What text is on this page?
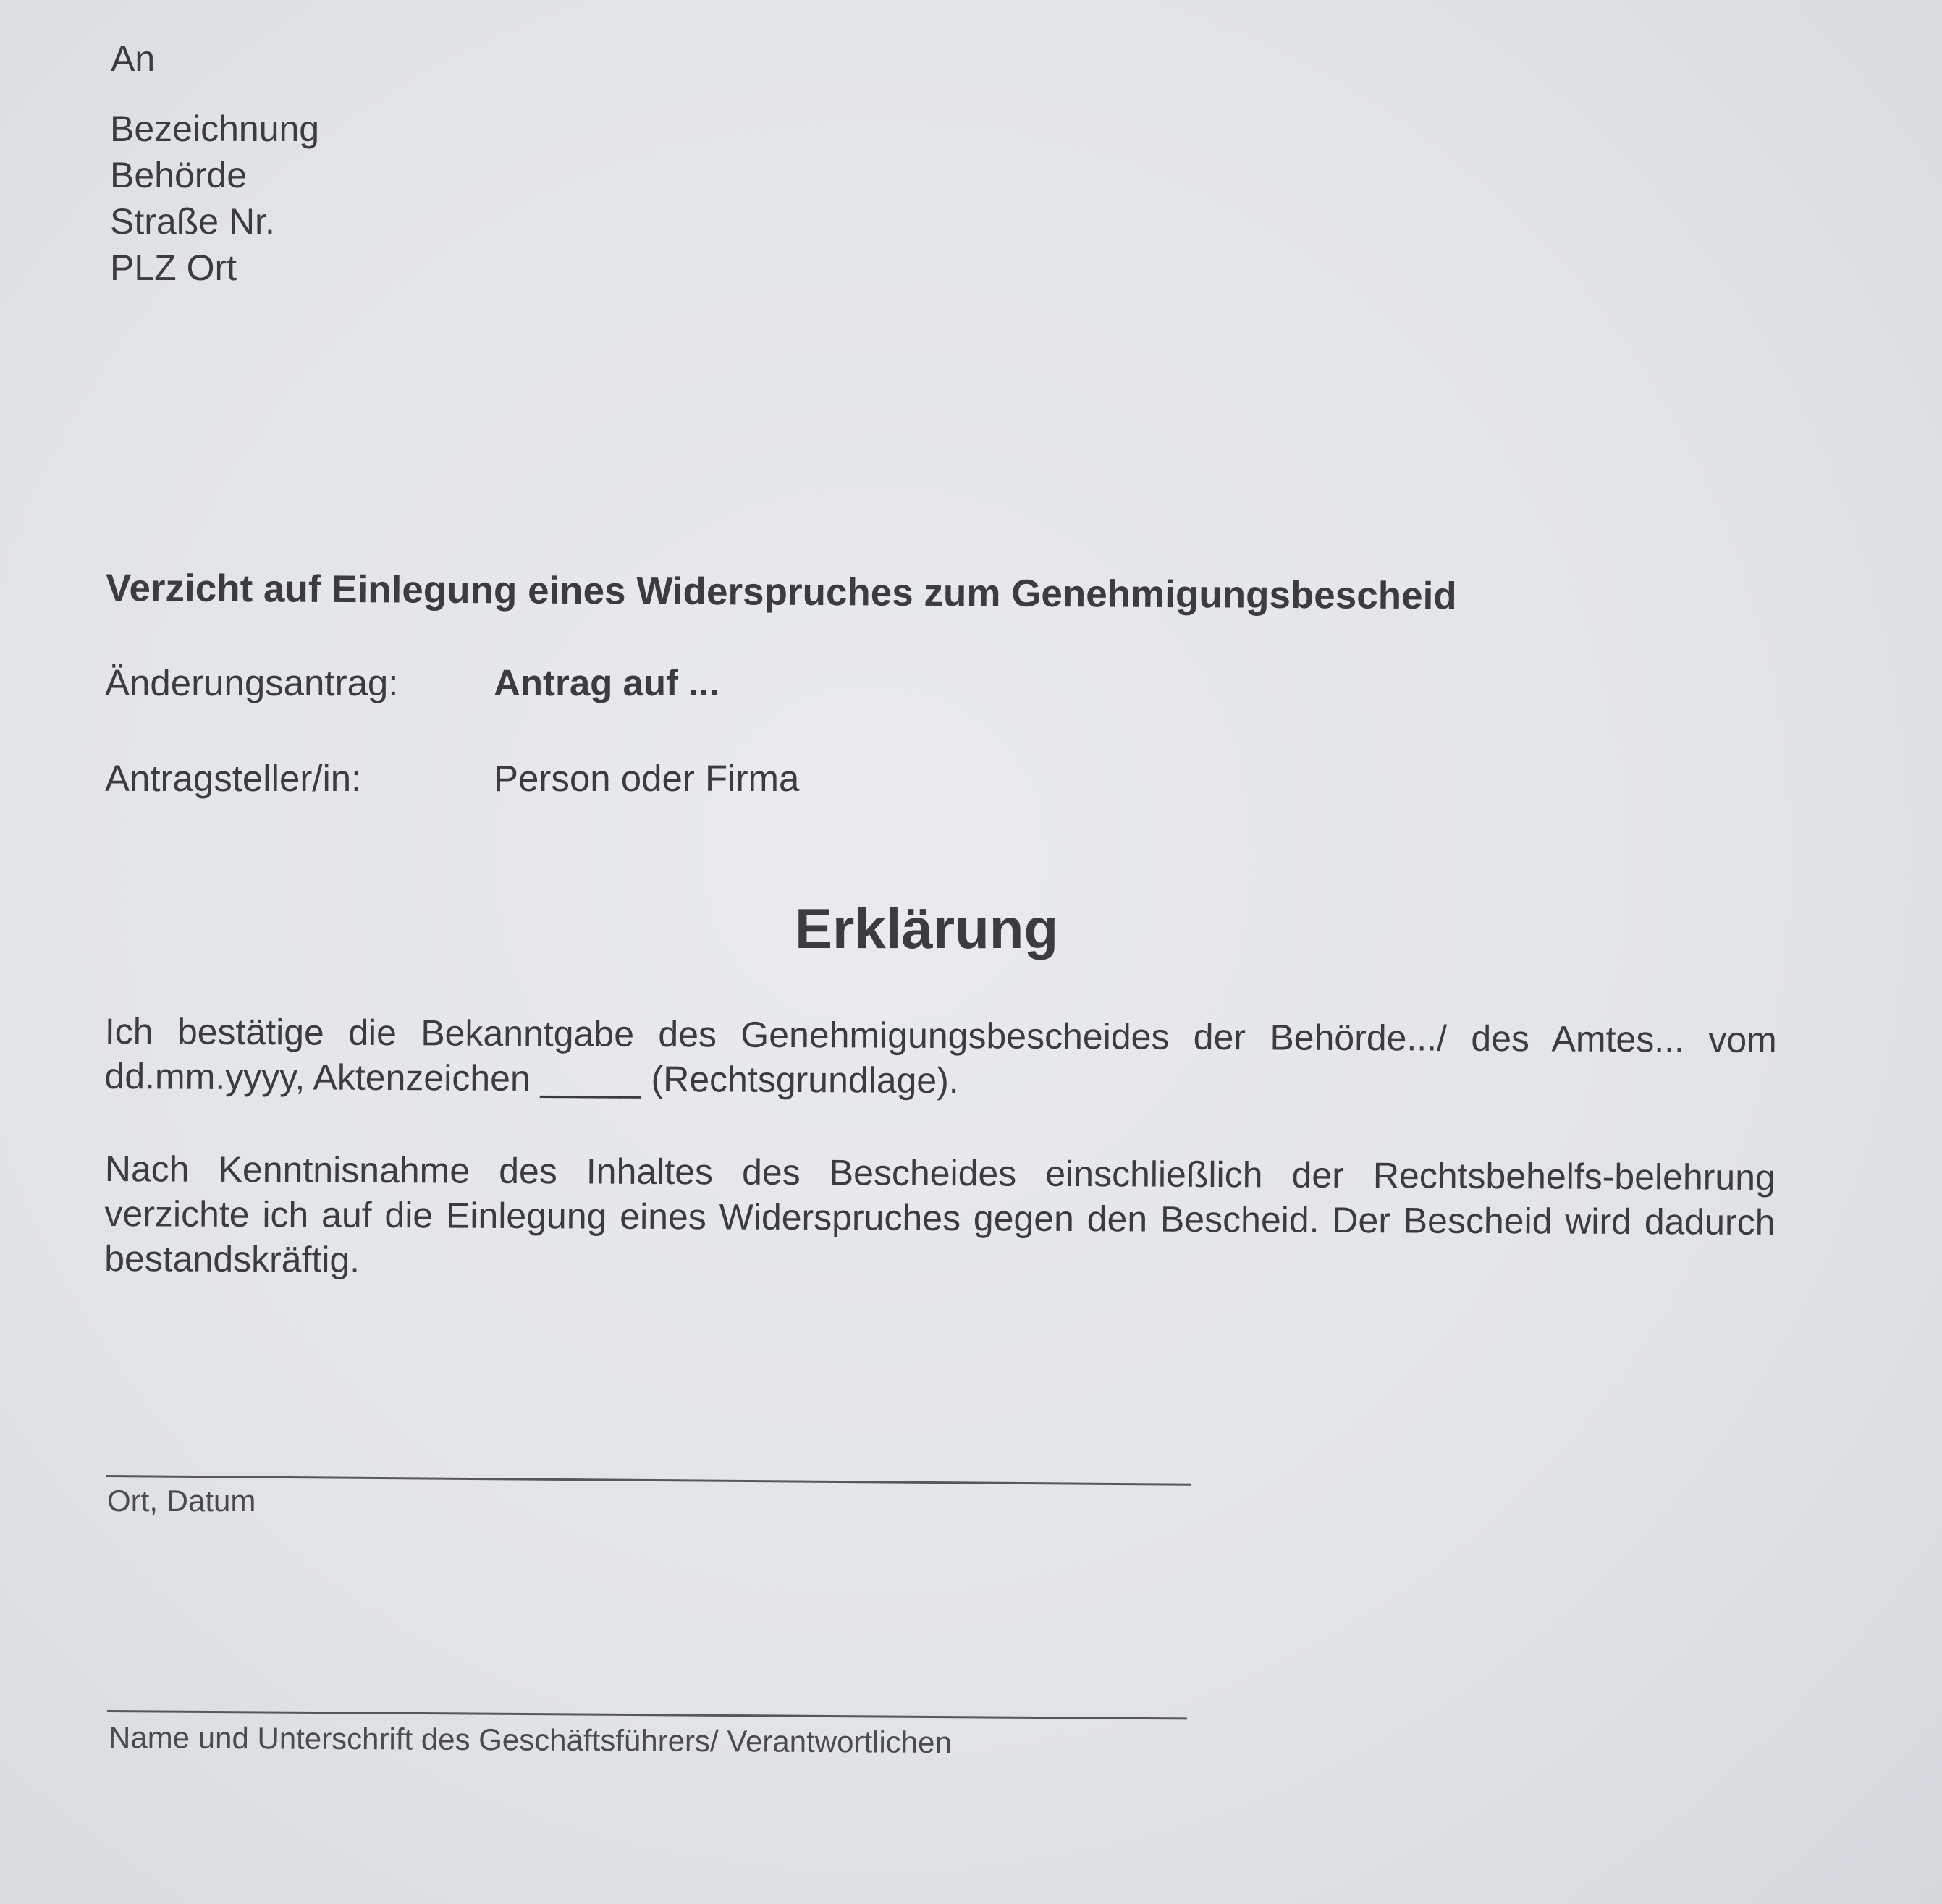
An
Bezeichnung
Behörde
Straße Nr.
PLZ Ort
Verzicht auf Einlegung eines Widerspruches zum Genehmigungsbescheid
Änderungsantrag:	Antrag auf ...
Antragsteller/in:	Person oder Firma
Erklärung
Ich bestätige die Bekanntgabe des Genehmigungsbescheides der Behörde.../ des Amtes... vom dd.mm.yyyy, Aktenzeichen _____ (Rechtsgrundlage).
Nach Kenntnisnahme des Inhaltes des Bescheides einschließlich der Rechtsbehelfs-belehrung verzichte ich auf die Einlegung eines Widerspruches gegen den Bescheid. Der Bescheid wird dadurch bestandskräftig.
Ort, Datum
Name und Unterschrift des Geschäftsführers/ Verantwortlichen
